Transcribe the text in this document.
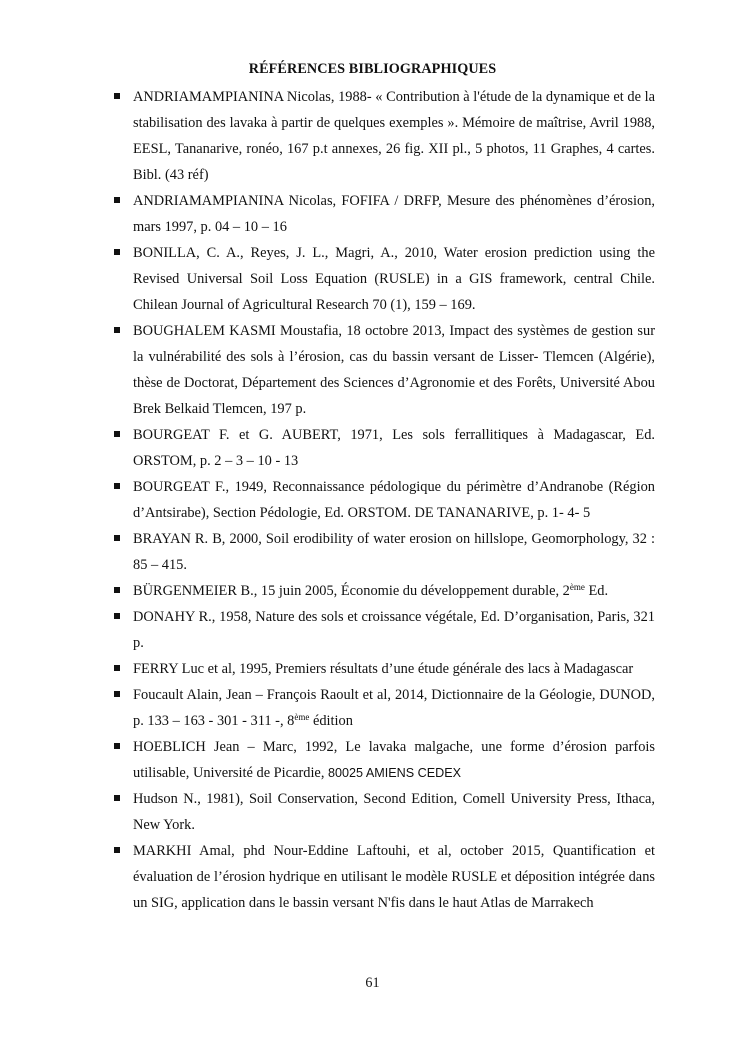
RÉFÉRENCES BIBLIOGRAPHIQUES
ANDRIAMAMPIANINA Nicolas, 1988- « Contribution à l'étude de la dynamique et de la stabilisation des lavaka à partir de quelques exemples ». Mémoire de maîtrise, Avril 1988, EESL, Tananarive, ronéo, 167 p.t annexes, 26 fig. XII pl., 5 photos, 11 Graphes, 4 cartes. Bibl. (43 réf)
ANDRIAMAMPIANINA Nicolas, FOFIFA / DRFP, Mesure des phénomènes d’érosion, mars 1997, p. 04 – 10 – 16
BONILLA, C. A., Reyes, J. L., Magri, A., 2010, Water erosion prediction using the Revised Universal Soil Loss Equation (RUSLE) in a GIS framework, central Chile. Chilean Journal of Agricultural Research 70 (1), 159 – 169.
BOUGHALEM KASMI Moustafia, 18 octobre 2013, Impact des systèmes de gestion sur la vulnérabilité des sols à l’érosion, cas du bassin versant de Lisser- Tlemcen (Algérie), thèse de Doctorat, Département des Sciences d’Agronomie et des Forêts, Université Abou Brek Belkaid Tlemcen, 197 p.
BOURGEAT F. et G. AUBERT, 1971, Les sols ferrallitiques à Madagascar, Ed. ORSTOM, p. 2 – 3 – 10 - 13
BOURGEAT F., 1949, Reconnaissance pédologique du périmètre d’Andranobe (Région d’Antsirabe), Section Pédologie, Ed. ORSTOM. DE TANANARIVE, p. 1- 4- 5
BRAYAN R. B, 2000, Soil erodibility of water erosion on hillslope, Geomorphology, 32 : 85 – 415.
BÜRGENMEIER B., 15 juin 2005, Économie du développement durable, 2ème Ed.
DONAHY R., 1958, Nature des sols et croissance végétale, Ed. D’organisation, Paris, 321 p.
FERRY Luc et al, 1995, Premiers résultats d’une étude générale des lacs à Madagascar
Foucault Alain, Jean – François Raoult et al, 2014, Dictionnaire de la Géologie, DUNOD, p. 133 – 163 - 301 - 311 -, 8ème édition
HOEBLICH Jean – Marc, 1992, Le lavaka malgache, une forme d’érosion parfois utilisable, Université de Picardie, 80025 AMIENS CEDEX
Hudson N., 1981), Soil Conservation, Second Edition, Comell University Press, Ithaca, New York.
MARKHI Amal, phd Nour-Eddine Laftouhi, et al, october 2015, Quantification et évaluation de l’érosion hydrique en utilisant le modèle RUSLE et déposition intégrée dans un SIG, application dans le bassin versant N'fis dans le haut Atlas de Marrakech
61
